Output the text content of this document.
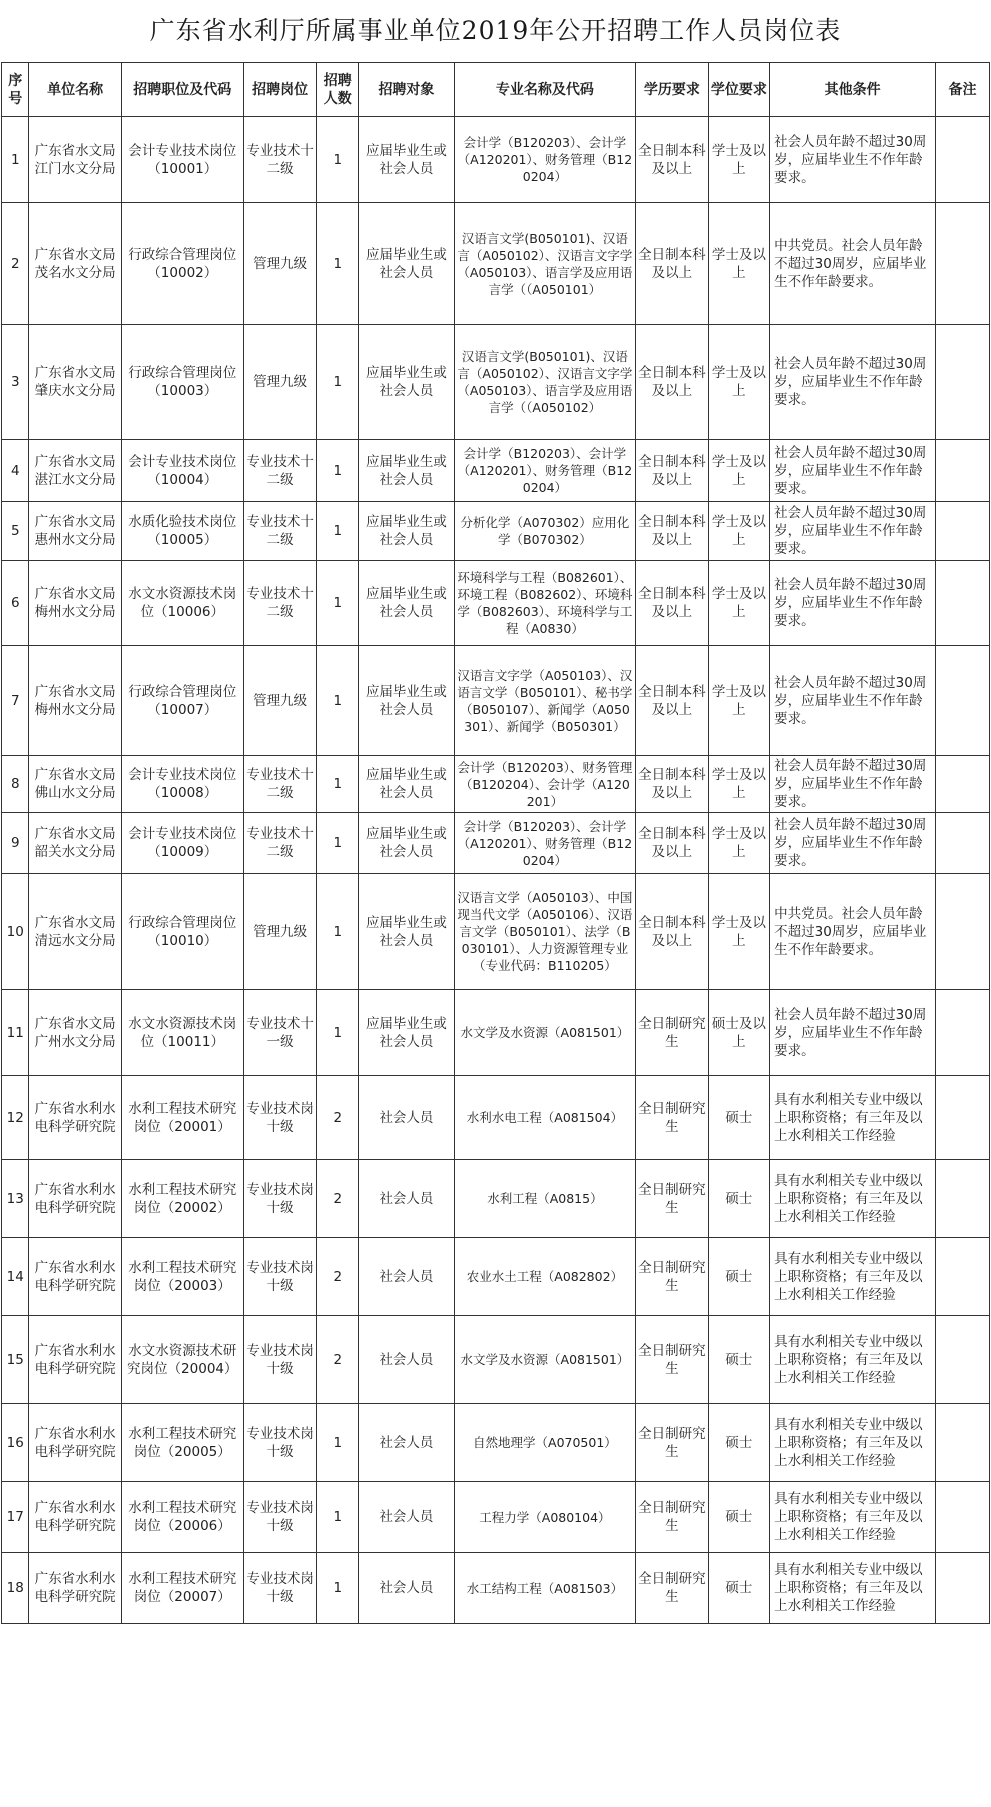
广东省水利厅所属事业单位2019年公开招聘工作人员岗位表
序号	单位名称	招聘职位及代码	招聘岗位	招聘人数	招聘对象	专业名称及代码	学历要求	学位要求	其他条件	备注
1	广东省水文局江门水文分局	会计专业技术岗位（10001）	专业技术十二级	1	应届毕业生或社会人员	会计学（B120203）、会计学（A120201）、财务管理（B120204）	全日制本科及以上	学士及以上	社会人员年龄不超过30周岁，应届毕业生不作年龄要求。	
2	广东省水文局茂名水文分局	行政综合管理岗位（10002）	管理九级	1	应届毕业生或社会人员	汉语言文学(B050101)、汉语言（A050102）、汉语言文字学（A050103）、语言学及应用语言学（（A050101）	全日制本科及以上	学士及以上	中共党员。社会人员年龄不超过30周岁，应届毕业生不作年龄要求。	
3	广东省水文局肇庆水文分局	行政综合管理岗位（10003）	管理九级	1	应届毕业生或社会人员	汉语言文学(B050101)、汉语言（A050102）、汉语言文字学（A050103）、语言学及应用语言学（（A050102）	全日制本科及以上	学士及以上	社会人员年龄不超过30周岁，应届毕业生不作年龄要求。	
4	广东省水文局湛江水文分局	会计专业技术岗位（10004）	专业技术十二级	1	应届毕业生或社会人员	会计学（B120203）、会计学（A120201）、财务管理（B120204）	全日制本科及以上	学士及以上	社会人员年龄不超过30周岁，应届毕业生不作年龄要求。	
5	广东省水文局惠州水文分局	水质化验技术岗位（10005）	专业技术十二级	1	应届毕业生或社会人员	分析化学（A070302）应用化学（B070302）	全日制本科及以上	学士及以上	社会人员年龄不超过30周岁，应届毕业生不作年龄要求。	
6	广东省水文局梅州水文分局	水文水资源技术岗位（10006）	专业技术十二级	1	应届毕业生或社会人员	环境科学与工程（B082601）、环境工程（B082602）、环境科学（B082603）、环境科学与工程（A0830）	全日制本科及以上	学士及以上	社会人员年龄不超过30周岁，应届毕业生不作年龄要求。	
7	广东省水文局梅州水文分局	行政综合管理岗位（10007）	管理九级	1	应届毕业生或社会人员	汉语言文字学（A050103）、汉语言文学（B050101）、秘书学（B050107）、新闻学（A050301）、新闻学（B050301）	全日制本科及以上	学士及以上	社会人员年龄不超过30周岁，应届毕业生不作年龄要求。	
8	广东省水文局佛山水文分局	会计专业技术岗位（10008）	专业技术十二级	1	应届毕业生或社会人员	会计学（B120203）、财务管理（B120204）、会计学（A120201）	全日制本科及以上	学士及以上	社会人员年龄不超过30周岁，应届毕业生不作年龄要求。	
9	广东省水文局韶关水文分局	会计专业技术岗位（10009）	专业技术十二级	1	应届毕业生或社会人员	会计学（B120203）、会计学（A120201）、财务管理（B120204）	全日制本科及以上	学士及以上	社会人员年龄不超过30周岁，应届毕业生不作年龄要求。	
10	广东省水文局清远水文分局	行政综合管理岗位（10010）	管理九级	1	应届毕业生或社会人员	汉语言文学（A050103）、中国现当代文学（A050106）、汉语言文学（B050101）、法学（B030101）、人力资源管理专业（专业代码：B110205）	全日制本科及以上	学士及以上	中共党员。社会人员年龄不超过30周岁，应届毕业生不作年龄要求。	
11	广东省水文局广州水文分局	水文水资源技术岗位（10011）	专业技术十一级	1	应届毕业生或社会人员	水文学及水资源（A081501）	全日制研究生	硕士及以上	社会人员年龄不超过30周岁，应届毕业生不作年龄要求。	
12	广东省水利水电科学研究院	水利工程技术研究岗位（20001）	专业技术岗十级	2	社会人员	水利水电工程（A081504）	全日制研究生	硕士	具有水利相关专业中级以上职称资格；有三年及以上水利相关工作经验	
13	广东省水利水电科学研究院	水利工程技术研究岗位（20002）	专业技术岗十级	2	社会人员	水利工程（A0815）	全日制研究生	硕士	具有水利相关专业中级以上职称资格；有三年及以上水利相关工作经验	
14	广东省水利水电科学研究院	水利工程技术研究岗位（20003）	专业技术岗十级	2	社会人员	农业水土工程（A082802）	全日制研究生	硕士	具有水利相关专业中级以上职称资格；有三年及以上水利相关工作经验	
15	广东省水利水电科学研究院	水文水资源技术研究岗位（20004）	专业技术岗十级	2	社会人员	水文学及水资源（A081501）	全日制研究生	硕士	具有水利相关专业中级以上职称资格；有三年及以上水利相关工作经验	
16	广东省水利水电科学研究院	水利工程技术研究岗位（20005）	专业技术岗十级	1	社会人员	自然地理学（A070501）	全日制研究生	硕士	具有水利相关专业中级以上职称资格；有三年及以上水利相关工作经验	
17	广东省水利水电科学研究院	水利工程技术研究岗位（20006）	专业技术岗十级	1	社会人员	工程力学（A080104）	全日制研究生	硕士	具有水利相关专业中级以上职称资格；有三年及以上水利相关工作经验	
18	广东省水利水电科学研究院	水利工程技术研究岗位（20007）	专业技术岗十级	1	社会人员	水工结构工程（A081503）	全日制研究生	硕士	具有水利相关专业中级以上职称资格；有三年及以上水利相关工作经验	
